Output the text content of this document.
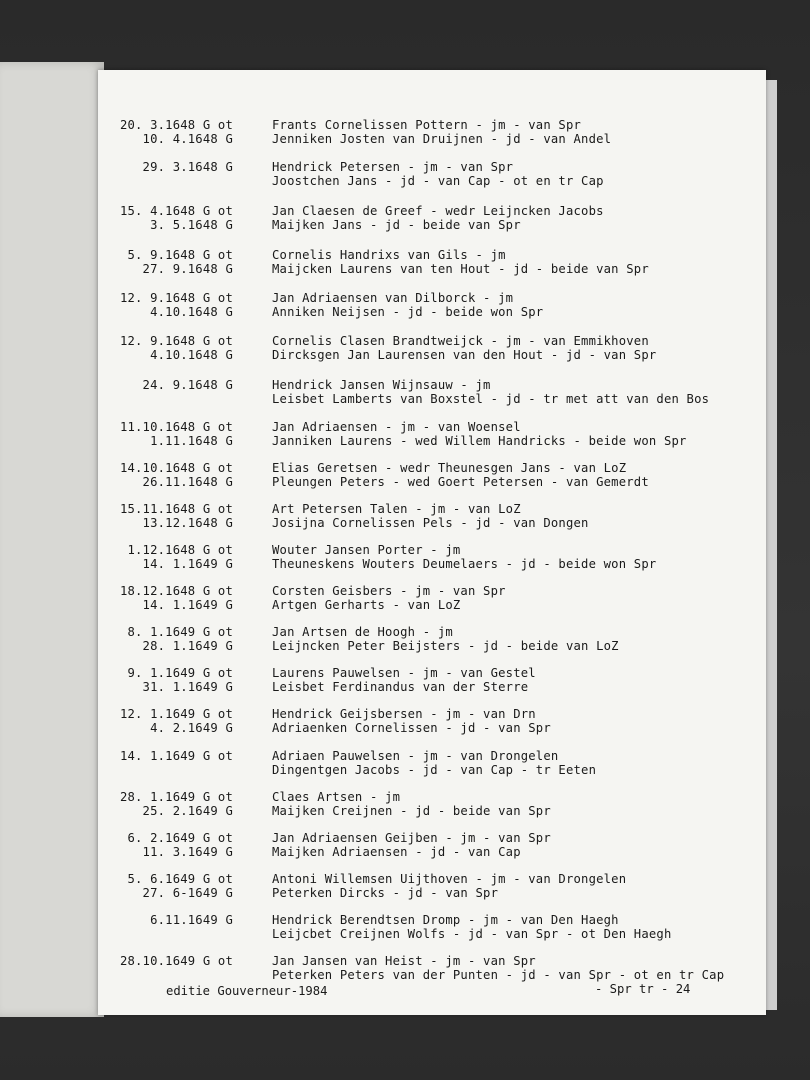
20. 3.1648 G ot	Frants Cornelissen Pottern - jm - van Spr
10. 4.1648 G	Jenniken Josten van Druijnen - jd - van Andel
29. 3.1648 G	Hendrick Petersen - jm - van Spr
Joostchen Jans - jd - van Cap - ot en tr Cap
15. 4.1648 G ot	Jan Claesen de Greef - wedr Leijncken Jacobs
3. 5.1648 G	Maijken Jans - jd - beide van Spr
5. 9.1648 G ot	Cornelis Handrixs van Gils - jm
27. 9.1648 G	Maijcken Laurens van ten Hout - jd - beide van Spr
12. 9.1648 G ot	Jan Adriaensen van Dilborck - jm
4.10.1648 G	Anniken Neijsen - jd - beide won Spr
12. 9.1648 G ot	Cornelis Clasen Brandtweijck - jm - van Emmikhoven
4.10.1648 G	Dircksgen Jan Laurensen van den Hout - jd - van Spr
24. 9.1648 G	Hendrick Jansen Wijnsauw - jm
Leisbet Lamberts van Boxstel - jd - tr met att van den Bos
11.10.1648 G ot	Jan Adriaensen - jm - van Woensel
1.11.1648 G	Janniken Laurens - wed Willem Handricks - beide won Spr
14.10.1648 G ot	Elias Geretsen - wedr Theunesgen Jans - van LoZ
26.11.1648 G	Pleungen Peters - wed Goert Petersen - van Gemerdt
15.11.1648 G ot	Art Petersen Talen - jm - van LoZ
13.12.1648 G	Josijna Cornelissen Pels - jd - van Dongen
1.12.1648 G ot	Wouter Jansen Porter - jm
14. 1.1649 G	Theuneskens Wouters Deumelaers - jd - beide won Spr
18.12.1648 G ot	Corsten Geisbers - jm - van Spr
14. 1.1649 G	Artgen Gerharts - van LoZ
8. 1.1649 G ot	Jan Artsen de Hoogh - jm
28. 1.1649 G	Leijncken Peter Beijsters - jd - beide van LoZ
9. 1.1649 G ot	Laurens Pauwelsen - jm - van Gestel
31. 1.1649 G	Leisbet Ferdinandus van der Sterre
12. 1.1649 G ot	Hendrick Geijsbersen - jm - van Drn
4. 2.1649 G	Adriaenken Cornelissen - jd - van Spr
14. 1.1649 G ot	Adriaen Pauwelsen - jm - van Drongelen
Dingentgen Jacobs - jd - van Cap - tr Eeten
28. 1.1649 G ot	Claes Artsen - jm
25. 2.1649 G	Maijken Creijnen - jd - beide van Spr
6. 2.1649 G ot	Jan Adriaensen Geijben - jm - van Spr
11. 3.1649 G	Maijken Adriaensen - jd - van Cap
5. 6.1649 G ot	Antoni Willemsen Uijthoven - jm - van Drongelen
27. 6-1649 G	Peterken Dircks - jd - van Spr
6.11.1649 G	Hendrick Berendtsen Dromp - jm - van Den Haegh
Leijcbet Creijnen Wolfs - jd - van Spr - ot Den Haegh
28.10.1649 G ot	Jan Jansen van Heist - jm - van Spr
Peterken Peters van der Punten - jd - van Spr - ot en tr Cap
editie Gouverneur-1984	- Spr tr - 24
